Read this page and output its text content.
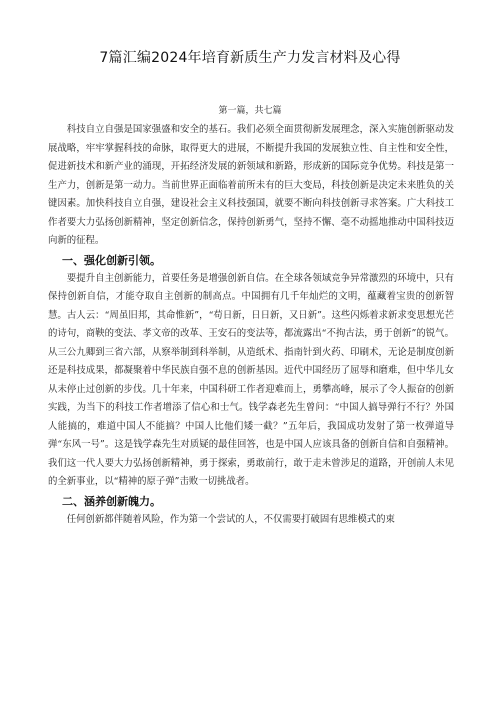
7篇汇编2024年培育新质生产力发言材料及心得
第一篇，共七篇

科技自立自强是国家强盛和安全的基石。我们必须全面贯彻新发展理念，深入实施创新驱动发展战略，牢牢掌握科技的命脉，取得更大的进展，不断提升我国的发展独立性、自主性和安全性，促进新技术和新产业的涌现，开拓经济发展的新领域和新路，形成新的国际竞争优势。科技是第一生产力，创新是第一动力。当前世界正面临着前所未有的巨大变局，科技创新是决定未来胜负的关键因素。加快科技自立自强，建设社会主义科技强国，就要不断向科技创新寻求答案。广大科技工作者要大力弘扬创新精神，坚定创新信念，保持创新勇气，坚持不懈、毫不动摇地推动中国科技迈向新的征程。

一、强化创新引领。

要提升自主创新能力，首要任务是增强创新自信。在全球各领域竞争异常激烈的环境中，只有保持创新自信，才能夺取自主创新的制高点。中国拥有几千年灿烂的文明，蕴藏着宝贵的创新智慧。古人云：“周虽旧邦，其命惟新”，“苟日新，日日新，又日新”。这些闪烁着求新求变思想光芒的诗句，商鞅的变法、孝文帝的改革、王安石的变法等，都流露出“不拘古法，勇于创新”的锐气。从三公九卿到三省六部，从察举制到科举制，从造纸术、指南针到火药、印刷术，无论是制度创新还是科技成果，都凝聚着中华民族自强不息的创新基因。近代中国经历了屈辱和磨难，但中华儿女从未停止过创新的步伐。几十年来，中国科研工作者迎难而上，勇攀高峰，展示了令人振奋的创新实践，为当下的科技工作者增添了信心和士气。钱学森老先生曾问：“中国人搞导弹行不行？外国人能搞的，难道中国人不能搞？中国人比他们矮一截？”五年后，我国成功发射了第一枚弹道导弹“东风一号”。这是钱学森先生对质疑的最佳回答，也是中国人应该具备的创新自信和自强精神。我们这一代人要大力弘扬创新精神，勇于探索，勇敢前行，敢于走未曾涉足的道路，开创前人未见的全新事业，以“精神的原子弹”击败一切挑战者。

二、涵养创新魄力。

任何创新都伴随着风险，作为第一个尝试的人，不仅需要打破固有思维模式的束
